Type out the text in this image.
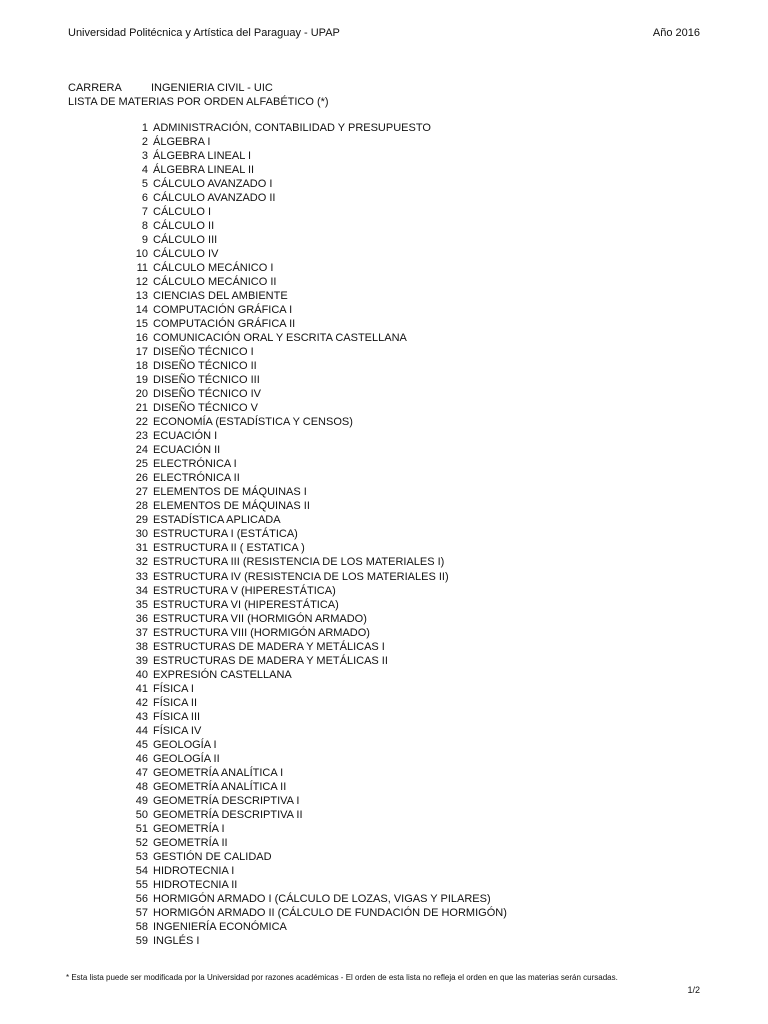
Universidad Politécnica y Artística del Paraguay - UPAP	Año 2016
CARRERA	INGENIERIA CIVIL - UIC
LISTA DE MATERIAS POR ORDEN ALFABÉTICO (*)
1 ADMINISTRACIÓN, CONTABILIDAD Y PRESUPUESTO
2 ÁLGEBRA I
3 ÁLGEBRA LINEAL I
4 ÁLGEBRA LINEAL II
5 CÁLCULO AVANZADO I
6 CÁLCULO AVANZADO II
7 CÁLCULO I
8 CÁLCULO II
9 CÁLCULO III
10 CÁLCULO IV
11 CÁLCULO MECÁNICO I
12 CÁLCULO MECÁNICO II
13 CIENCIAS DEL AMBIENTE
14 COMPUTACIÓN GRÁFICA I
15 COMPUTACIÓN GRÁFICA II
16 COMUNICACIÓN ORAL Y ESCRITA CASTELLANA
17 DISEÑO TÉCNICO I
18 DISEÑO TÉCNICO II
19 DISEÑO TÉCNICO III
20 DISEÑO TÉCNICO IV
21 DISEÑO TÉCNICO V
22 ECONOMÍA (ESTADÍSTICA Y CENSOS)
23 ECUACIÓN I
24 ECUACIÓN II
25 ELECTRÓNICA I
26 ELECTRÓNICA II
27 ELEMENTOS DE MÁQUINAS I
28 ELEMENTOS DE MÁQUINAS II
29 ESTADÍSTICA APLICADA
30 ESTRUCTURA I (ESTÁTICA)
31 ESTRUCTURA II ( ESTATICA )
32 ESTRUCTURA III (RESISTENCIA DE LOS MATERIALES I)
33 ESTRUCTURA IV (RESISTENCIA DE LOS MATERIALES II)
34 ESTRUCTURA V (HIPERESTÁTICA)
35 ESTRUCTURA VI (HIPERESTÁTICA)
36 ESTRUCTURA VII (HORMIGÓN ARMADO)
37 ESTRUCTURA VIII (HORMIGÓN ARMADO)
38 ESTRUCTURAS DE MADERA Y METÁLICAS I
39 ESTRUCTURAS DE MADERA Y METÁLICAS II
40 EXPRESIÓN CASTELLANA
41 FÍSICA I
42 FÍSICA II
43 FÍSICA III
44 FÍSICA IV
45 GEOLOGÍA I
46 GEOLOGÍA II
47 GEOMETRÍA ANALÍTICA I
48 GEOMETRÍA ANALÍTICA II
49 GEOMETRÍA DESCRIPTIVA I
50 GEOMETRÍA DESCRIPTIVA II
51 GEOMETRÍA I
52 GEOMETRÍA II
53 GESTIÓN DE CALIDAD
54 HIDROTECNIA I
55 HIDROTECNIA II
56 HORMIGÓN ARMADO I (CÁLCULO DE LOZAS, VIGAS Y PILARES)
57 HORMIGÓN ARMADO II (CÁLCULO DE FUNDACIÓN DE HORMIGÓN)
58 INGENIERÍA ECONÓMICA
59 INGLÉS I
* Esta lista puede ser modificada por la Universidad por razones académicas - El orden de esta lista no refleja el orden en que las materias serán cursadas.
1/2
